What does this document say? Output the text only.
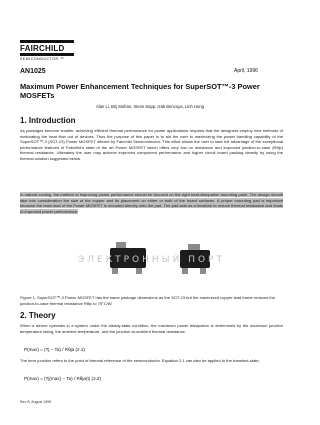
FAIRCHILD
SEMICONDUCTOR ™
AN1025	April, 1996
Maximum Power Enhancement Techniques for SuperSOT™-3 Power MOSFETs
Alan Li, Brij Mohan, Steve Sapp, Izak Bencuya, Linh Hong
1. Introduction
As packages become smaller, achieving efficient thermal performance for power applications requires that the designers employ new methods of meliorating the heat flow out of devices. Thus the purpose of this paper is to aid the user in maximizing the power handling capability of the SuperSOT™-3 (SOT-23) Power MOSFET offered by Fairchild Semiconductor. This effort allows the user to take full advantage of the exceptional performance features of Fairchild's state of the art Power MOSFET which offers very low on resistance and improved junction-to-case (Rθjc) thermal resistance. Ultimately the user may achieve improved component performance and higher circuit board packing density by using the thermal solution suggested below.
In natural cooling, the method of improving power performance should be focused on the right heat-dissipation mounting pads. The design should take into consideration the size of the copper and its placement on either or both of the board surfaces. A proper mounting pad is important because the base lead of the Power MOSFET is mounted directly onto the pad. The pad acts as a heatsink to reduce thermal resistance and leads to improved power performance.
ЭЛЕКТРОННЫЙ ПОРТ
Figure 1. SuperSOT™-3 Power MOSFET has the same package dimensions as the SOT-23 but the maximized copper lead frame reduces the junction-to-case thermal resistance Rθjc to 75°C/W.
2. Theory
When a device operates in a system under the steady-state condition, the maximum power dissipation is determined by the maximum junction temperature rating, the ambient temperature, and the junction-to-ambient thermal resistance.
P(max) = (Tj − Ta) / Rθja (2.1)
The term junction refers to the point of thermal reference of the semiconductor. Equation 2.1 can also be applied to the transient-state:
P(max) = (Tj(max) − Ta) / Rθja(t) (2.2)
Rev B, August 1998
